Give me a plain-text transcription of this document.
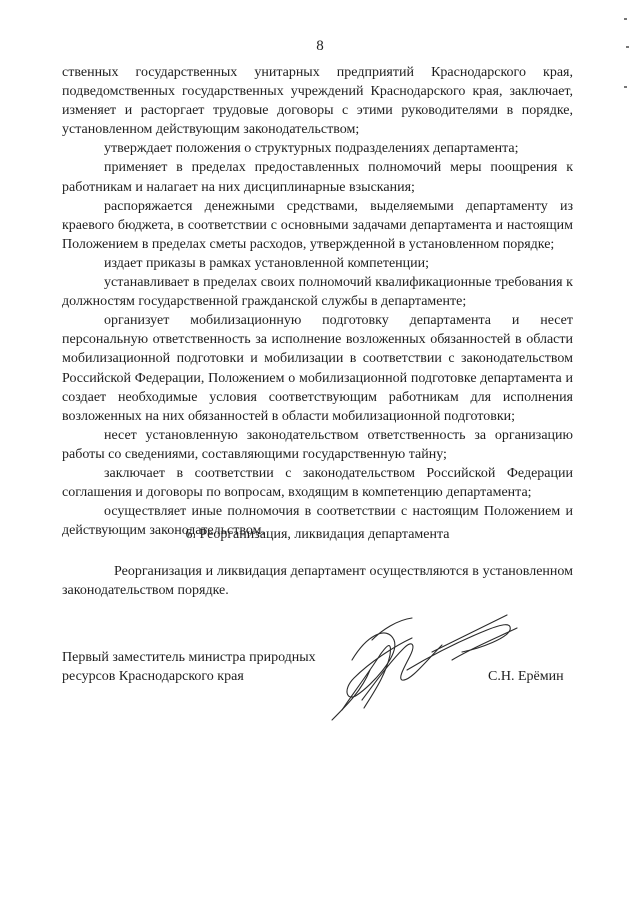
8

ственных государственных унитарных предприятий Краснодарского края, подведомственных государственных учреждений Краснодарского края, заключает, изменяет и расторгает трудовые договоры с этими руководителями в порядке, установленном действующим законодательством;

утверждает положения о структурных подразделениях департамента;

применяет в пределах предоставленных полномочий меры поощрения к работникам и налагает на них дисциплинарные взыскания;

распоряжается денежными средствами, выделяемыми департаменту из краевого бюджета, в соответствии с основными задачами департамента и настоящим Положением в пределах сметы расходов, утвержденной в установленном порядке;

издает приказы в рамках установленной компетенции;

устанавливает в пределах своих полномочий квалификационные требования к должностям государственной гражданской службы в департаменте;

организует мобилизационную подготовку департамента и несет персональную ответственность за исполнение возложенных обязанностей в области мобилизационной подготовки и мобилизации в соответствии с законодательством Российской Федерации, Положением о мобилизационной подготовке департамента и создает необходимые условия соответствующим работникам для исполнения возложенных на них обязанностей в области мобилизационной подготовки;

несет установленную законодательством ответственность за организацию работы со сведениями, составляющими государственную тайну;

заключает в соответствии с законодательством Российской Федерации соглашения и договоры по вопросам, входящим в компетенцию департамента;

осуществляет иные полномочия в соответствии с настоящим Положением и действующим законодательством.

6. Реорганизация, ликвидация департамента
Реорганизация и ликвидация департамент осуществляются в установленном законодательством порядке.
Первый заместитель министра природных
ресурсов Краснодарского края	С.Н. Ерёмин
